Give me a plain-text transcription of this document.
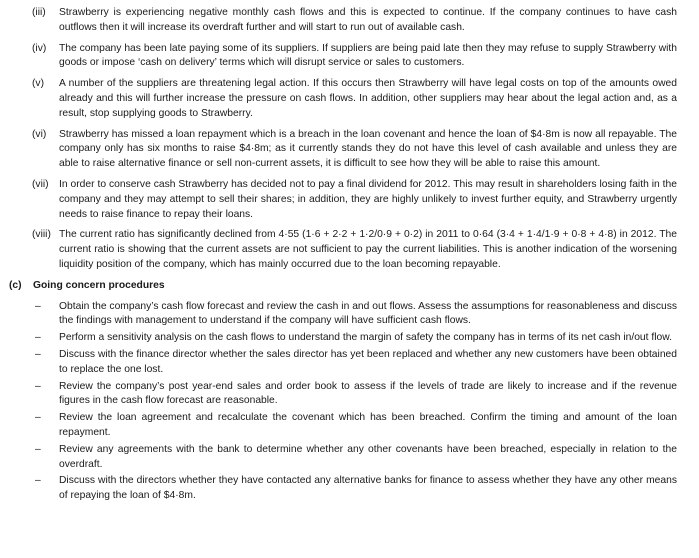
(iii) Strawberry is experiencing negative monthly cash flows and this is expected to continue. If the company continues to have cash outflows then it will increase its overdraft further and will start to run out of available cash.
(iv) The company has been late paying some of its suppliers. If suppliers are being paid late then they may refuse to supply Strawberry with goods or impose ‘cash on delivery’ terms which will disrupt service or sales to customers.
(v) A number of the suppliers are threatening legal action. If this occurs then Strawberry will have legal costs on top of the amounts owed already and this will further increase the pressure on cash flows. In addition, other suppliers may hear about the legal action and, as a result, stop supplying goods to Strawberry.
(vi) Strawberry has missed a loan repayment which is a breach in the loan covenant and hence the loan of $4·8m is now all repayable. The company only has six months to raise $4·8m; as it currently stands they do not have this level of cash available and unless they are able to raise alternative finance or sell non-current assets, it is difficult to see how they will be able to raise this amount.
(vii) In order to conserve cash Strawberry has decided not to pay a final dividend for 2012. This may result in shareholders losing faith in the company and they may attempt to sell their shares; in addition, they are highly unlikely to invest further equity, and Strawberry urgently needs to raise finance to repay their loans.
(viii) The current ratio has significantly declined from 4·55 (1·6 + 2·2 + 1·2/0·9 + 0·2) in 2011 to 0·64 (3·4 + 1·4/1·9 + 0·8 + 4·8) in 2012. The current ratio is showing that the current assets are not sufficient to pay the current liabilities. This is another indication of the worsening liquidity position of the company, which has mainly occurred due to the loan becoming repayable.
(c) Going concern procedures
– Obtain the company’s cash flow forecast and review the cash in and out flows. Assess the assumptions for reasonableness and discuss the findings with management to understand if the company will have sufficient cash flows.
– Perform a sensitivity analysis on the cash flows to understand the margin of safety the company has in terms of its net cash in/out flow.
– Discuss with the finance director whether the sales director has yet been replaced and whether any new customers have been obtained to replace the one lost.
– Review the company’s post year-end sales and order book to assess if the levels of trade are likely to increase and if the revenue figures in the cash flow forecast are reasonable.
– Review the loan agreement and recalculate the covenant which has been breached. Confirm the timing and amount of the loan repayment.
– Review any agreements with the bank to determine whether any other covenants have been breached, especially in relation to the overdraft.
– Discuss with the directors whether they have contacted any alternative banks for finance to assess whether they have any other means of repaying the loan of $4·8m.
